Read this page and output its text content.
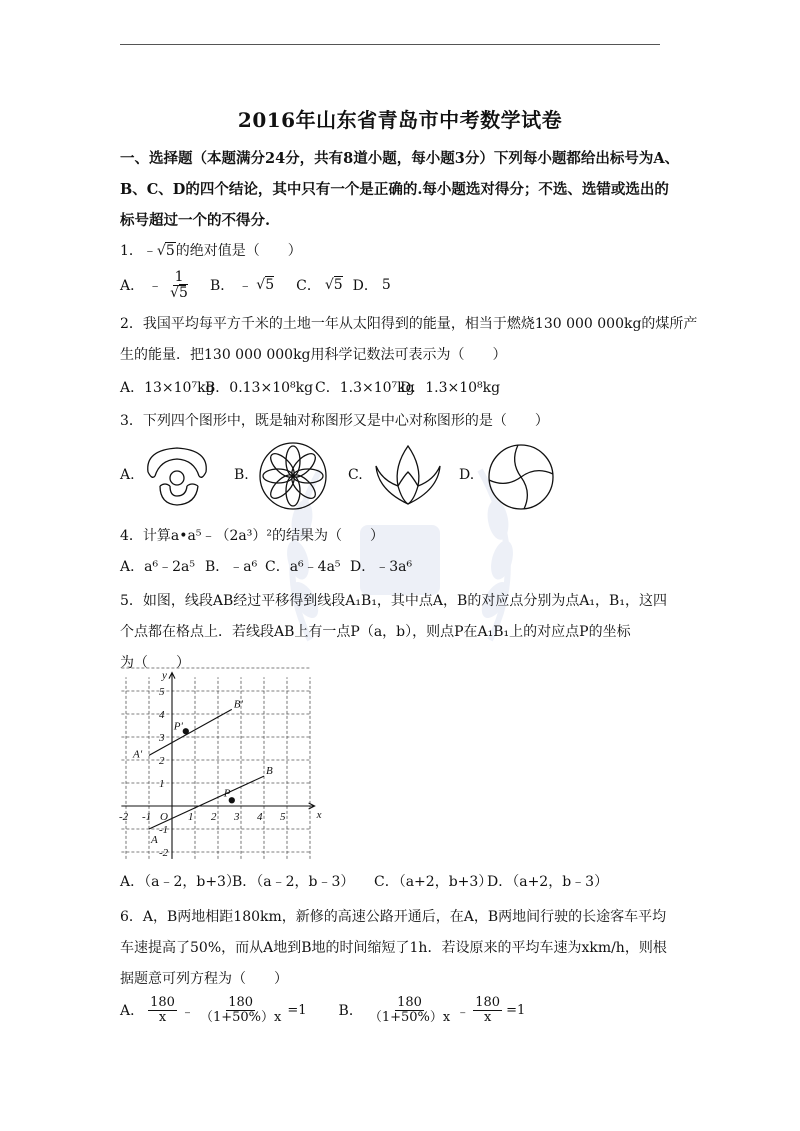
2016年山东省青岛市中考数学试卷
一、选择题（本题满分24分，共有8道小题，每小题3分）下列每小题都给出标号为A、B、C、D的四个结论，其中只有一个是正确的.每小题选对得分；不选、选错或选出的标号超过一个的不得分.
1．﹣√5的绝对值是（　　）
A． ﹣ $\frac{1}{√5}$ B． ﹣ √5 C． √5 D． 5
2．我国平均每平方千米的土地一年从太阳得到的能量，相当于燃烧130 000 000kg的煤所产
生的能量．把130 000 000kg用科学记数法可表示为（　　）
A．13×10⁷kg
B．0.13×10⁸kg C．1.3×10⁷kg
D．1.3×10⁸kg
3．下列四个图形中，既是轴对称图形又是中心对称图形的是（　　）
A.	B.	C.	D.
4．计算a•a⁵﹣（2a³）²的结果为（　　）
A．a⁶﹣2a⁵ B．﹣a⁶ C．a⁶﹣4a⁵ D．﹣3a⁶
5．如图，线段AB经过平移得到线段A₁B₁，其中点A，B的对应点分别为点A₁，B₁，这四
个点都在格点上．若线段AB上有一点P（a，b），则点P在A₁B₁上的对应点P的坐标
为（　　）
-2 -1	1 2 3 4 5
-2
-1
1
2
3
4
5
O	x
y
A
B
P
A'
B'
P'
A．（a﹣2，b+3）
B．（a﹣2，b﹣3） C．（a+2，b+3）
D．（a+2，b﹣3）
6．A，B两地相距180km，新修的高速公路开通后，在A，B两地间行驶的长途客车平均
车速提高了50%，而从A地到B地的时间缩短了1h．若设原来的平均车速为xkm/h，则根
据题意可列方程为（　　）
A． $\frac{180}{x}$ ﹣ $\frac{180}{(1+50\%)x} =1$ B． $\frac{180}{(1+50\%)x}$ ﹣ $\frac{180}{x} =1$
